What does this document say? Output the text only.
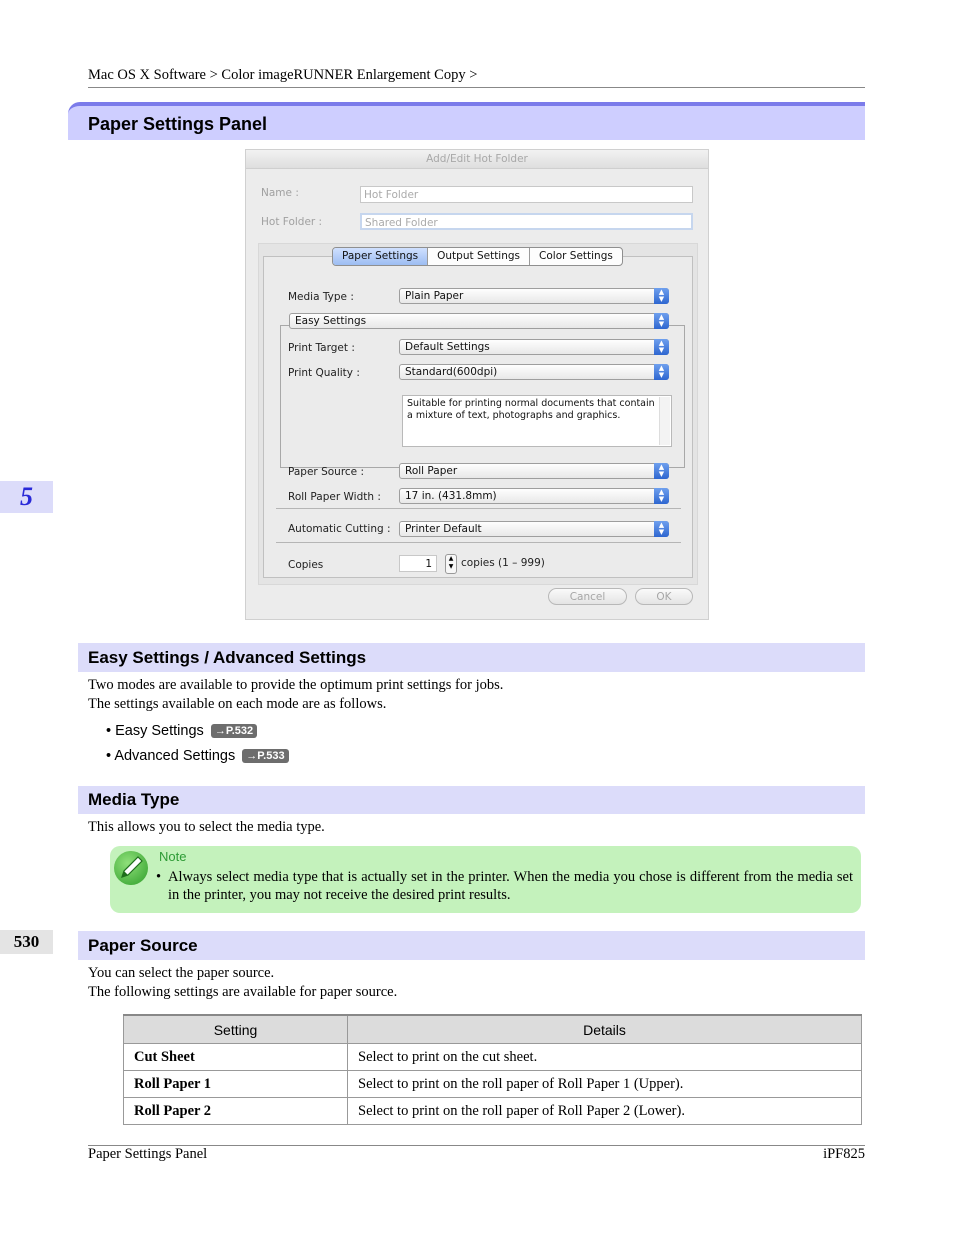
Mac OS X Software > Color imageRUNNER Enlargement Copy >
Paper Settings Panel
5
530
Add/Edit Hot Folder
Name :	Hot Folder
Hot Folder :	Shared Folder
Media Type :	Plain Paper	▲
▼
Easy Settings	▲
▼
Print Target :	Default Settings	▲
▼
Print Quality :	Standard(600dpi)	▲
▼
Suitable for printing normal documents that contain a mixture of text, photographs and graphics.
Paper Source :	Roll Paper	▲
▼
Roll Paper Width :	17 in. (431.8mm)	▲
▼
Automatic Cutting :	Printer Default	▲
▼
Copies	1	▲
▼ copies (1 – 999)
Paper Settings	Output Settings	Color Settings
Cancel	OK
Easy Settings / Advanced Settings
Two modes are available to provide the optimum print settings for jobs.
The settings available on each mode are as follows.
• Easy Settings →P.532
• Advanced Settings →P.533
Media Type
This allows you to select the media type.
Note
• Always select media type that is actually set in the printer. When the media you chose is different from the media set in the printer, you may not receive the desired print results.
Paper Source
You can select the paper source.
The following settings are available for paper source.
Setting	Details
Cut Sheet	Select to print on the cut sheet.
Roll Paper 1	Select to print on the roll paper of Roll Paper 1 (Upper).
Roll Paper 2	Select to print on the roll paper of Roll Paper 2 (Lower).
Paper Settings Panel	iPF825
